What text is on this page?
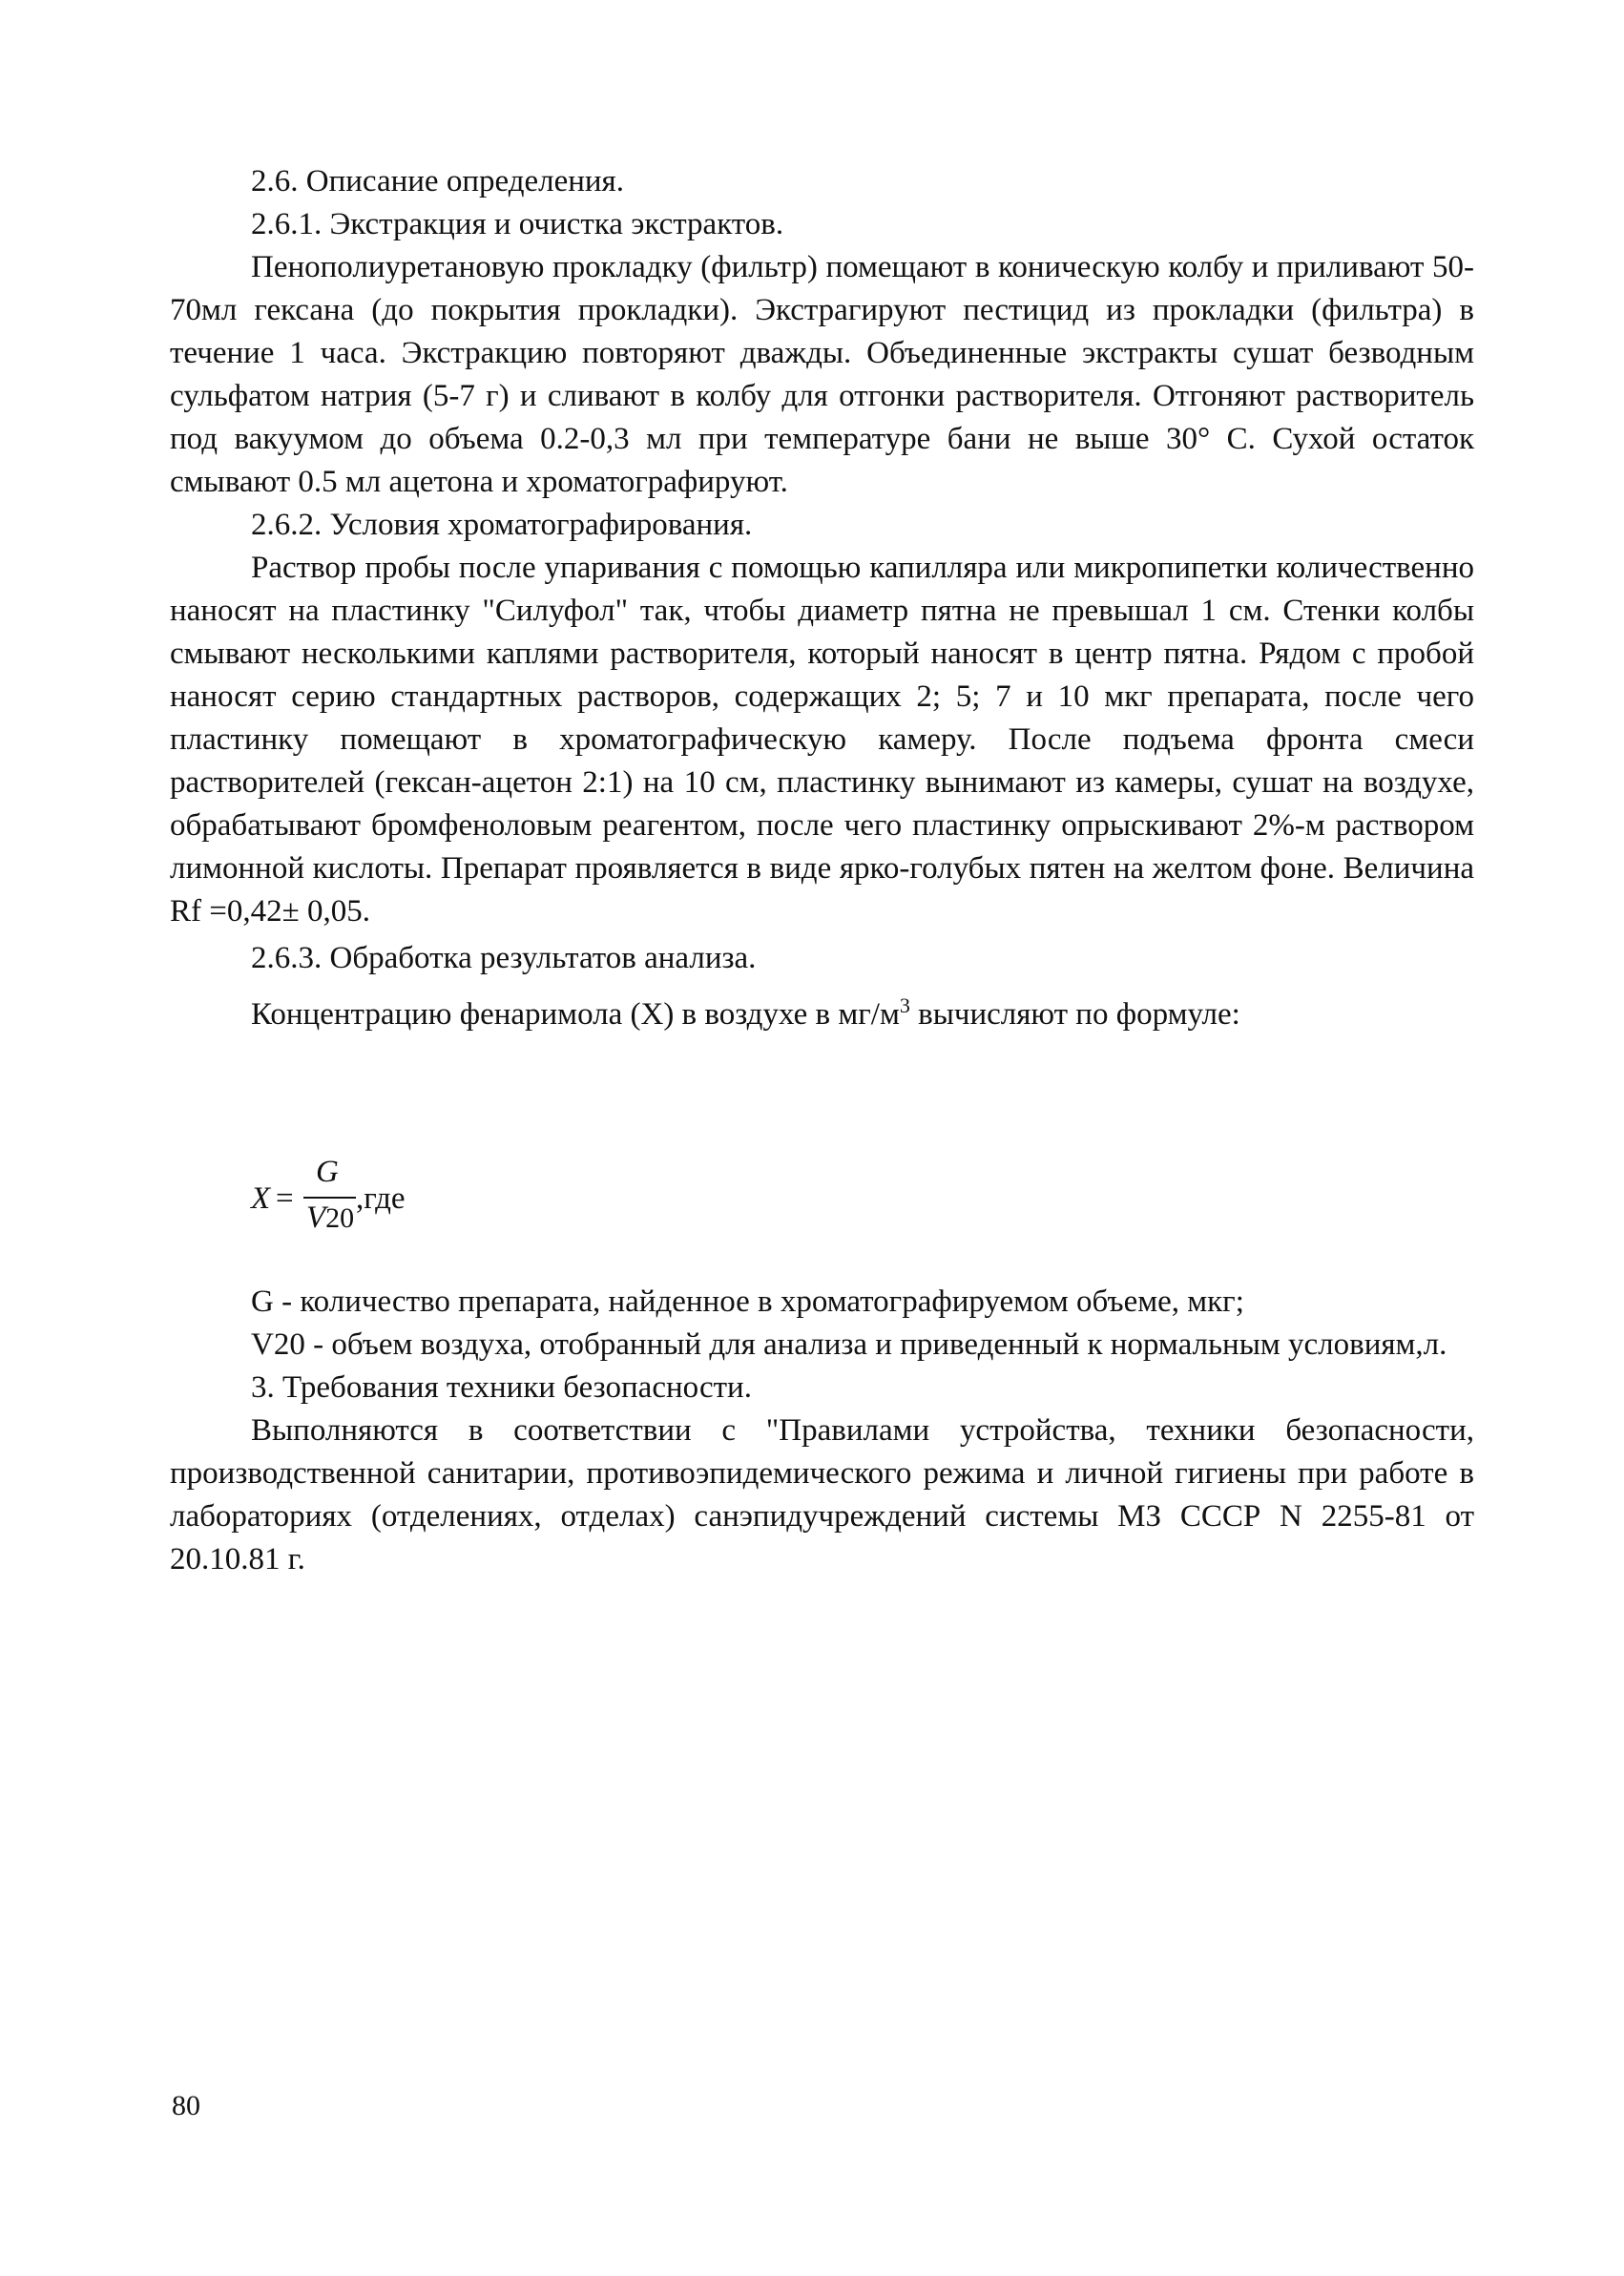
2.6. Описание определения.

2.6.1. Экстракция и очистка экстрактов.

Пенополиуретановую прокладку (фильтр) помещают в коническую колбу и приливают 50- 70мл гексана (до покрытия прокладки). Экстрагируют пестицид из прокладки (фильтра) в течение 1 часа. Экстракцию повторяют дважды. Объединенные экстракты сушат безводным сульфатом натрия (5-7 г) и сливают в колбу для отгонки растворителя. Отгоняют растворитель под вакуумом до объема 0.2-0,3 мл при температуре бани не выше 30° С. Сухой остаток смывают 0.5 мл ацетона и хроматографируют.

2.6.2. Условия хроматографирования.

Раствор пробы после упаривания с помощью капилляра или микропипетки количественно наносят на пластинку "Силуфол" так, чтобы диаметр пятна не превышал 1 см. Стенки колбы смывают несколькими каплями растворителя, который наносят в центр пятна. Рядом с пробой наносят серию стандартных растворов, содержащих 2; 5; 7 и 10 мкг препарата, после чего пластинку помещают в хроматографическую камеру. После подъема фронта смеси растворителей (гексан-ацетон 2:1) на 10 см, пластинку вынимают из камеры, сушат на воздухе, обрабатывают бромфеноловым реагентом, после чего пластинку опрыскивают 2%-м раствором лимонной кислоты. Препарат проявляется в виде ярко-голубых пятен на желтом фоне. Величина Rf =0,42± 0,05.

2.6.3. Обработка результатов анализа.

Концентрацию фенаримола (X) в воздухе в $мг/м^3$ вычисляют по формуле:

X =
G
V20
,где

G - количество препарата, найденное в хроматографируемом объеме, мкг;

V20 - объем воздуха, отобранный для анализа и приведенный к нормальным условиям,л.

3. Требования техники безопасности.

Выполняются в соответствии с "Правилами устройства, техники безопасности, производственной санитарии, противоэпидемического режима и личной гигиены при работе в лабораториях (отделениях, отделах) санэпидучреждений системы МЗ СССР N 2255-81 от 20.10.81 г.

80
